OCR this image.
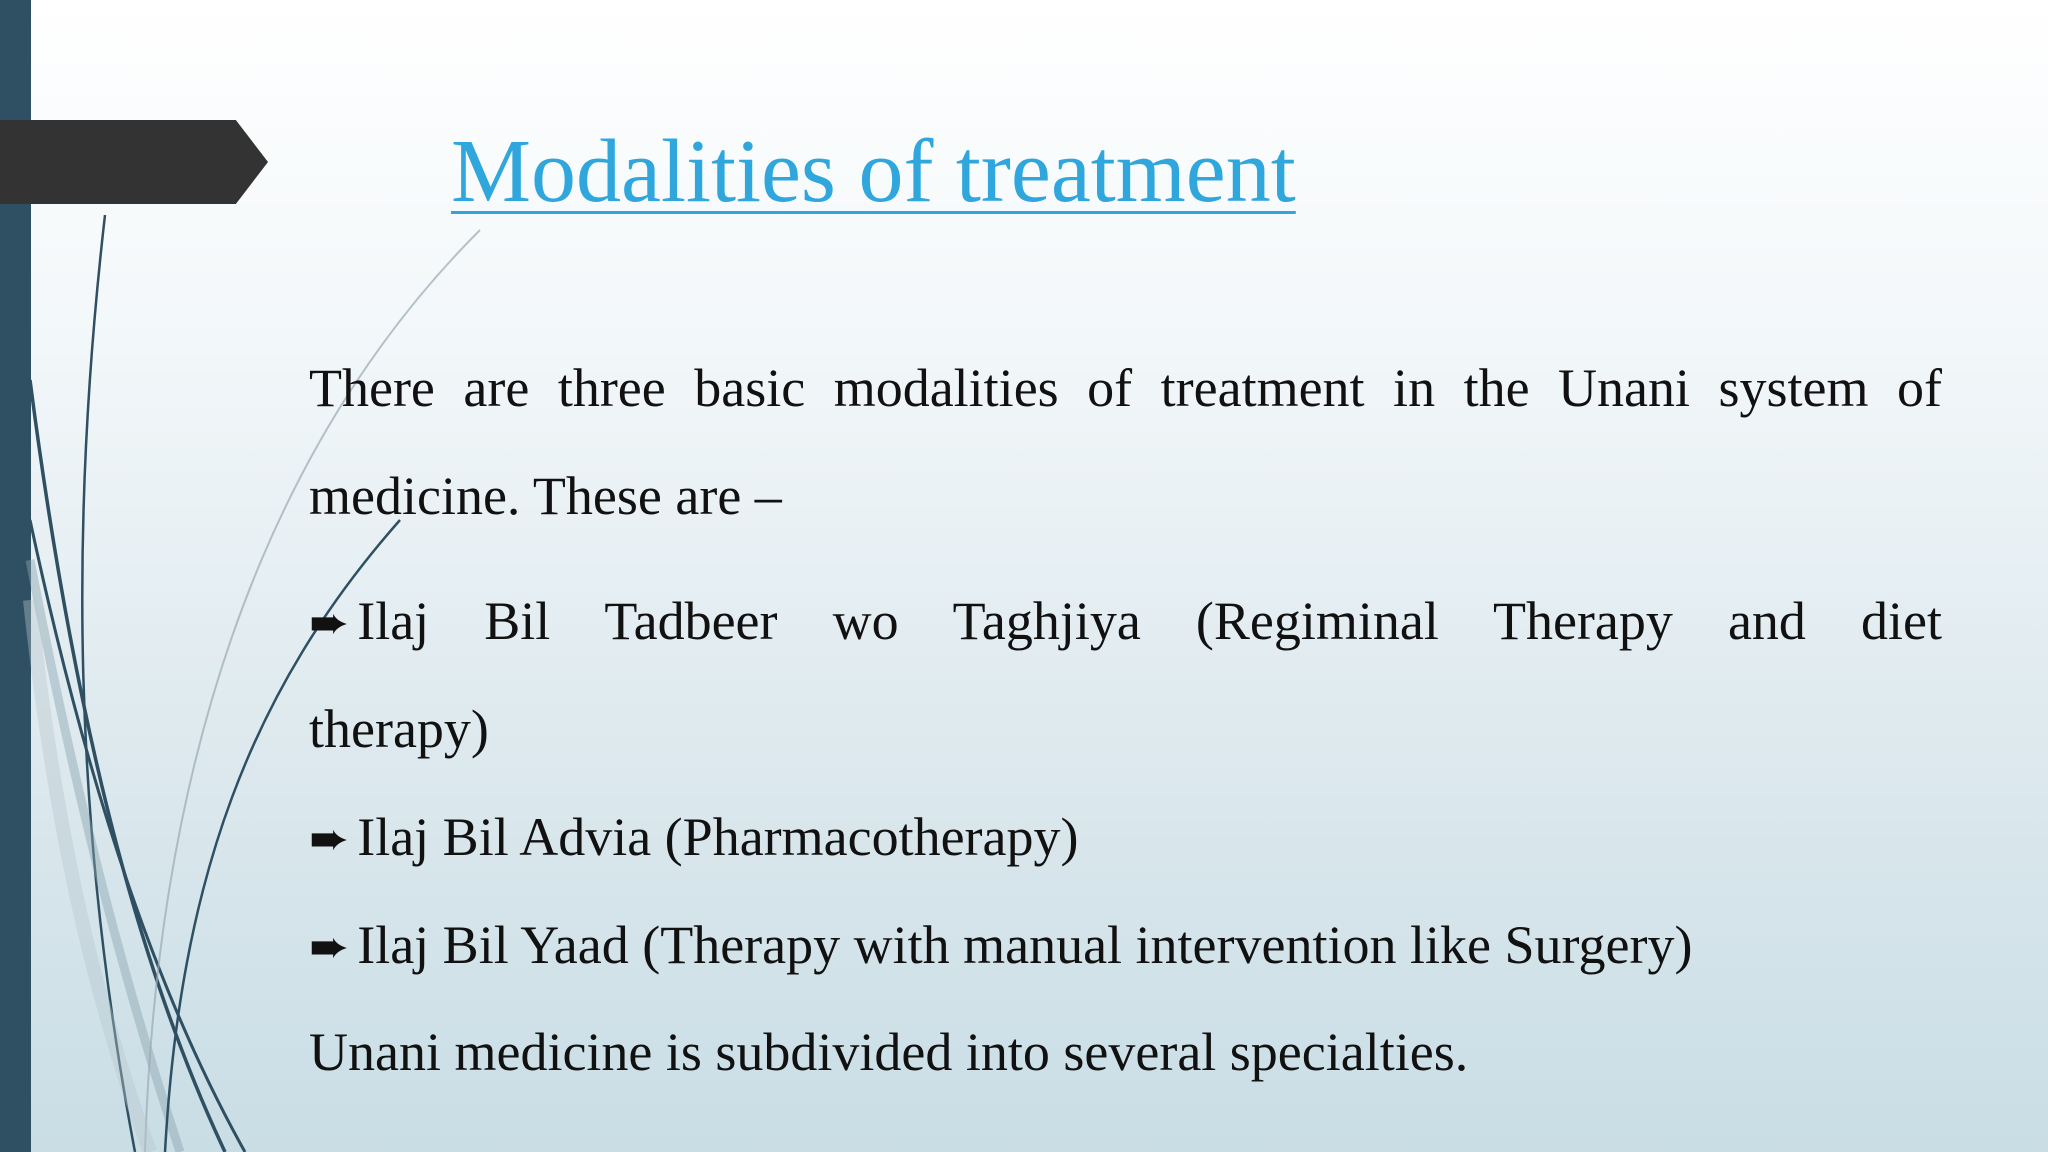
Modalities of treatment

There are three basic modalities of treatment in the Unani system of

medicine. These are –

➨ Ilaj Bil Tadbeer wo Taghjiya (Regiminal Therapy and diet

therapy)

➨ Ilaj Bil Advia (Pharmacotherapy)

➨ Ilaj Bil Yaad (Therapy with manual intervention like Surgery)

Unani medicine is subdivided into several specialties.
